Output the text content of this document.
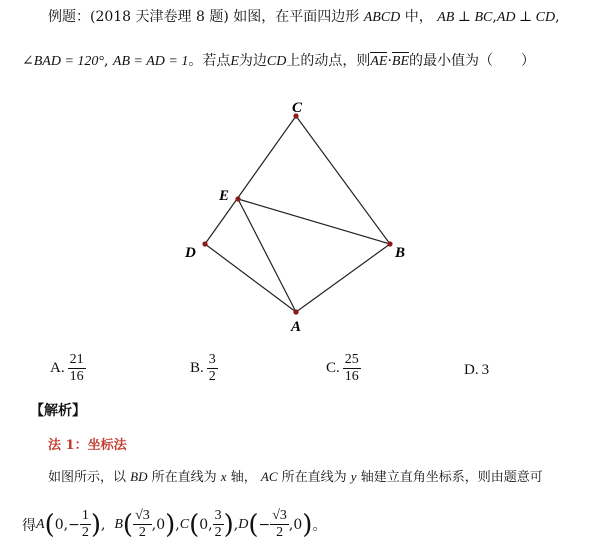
例题：(2018 天津卷理 8 题) 如图，在平面四边形 ABCD 中， AB ⊥ BC,AD ⊥ CD,
∠BAD = 120°, AB = AD = 1。若点E为边CD上的动点，则AE·BE的最小值为（　　）
C
E
D	B
A
A. $\frac{21}{16}$	B. $\frac{3}{2}$	C. $\frac{25}{16}$	D. 3
【解析】
法 1：坐标法
如图所示，以 BD 所在直线为 x 轴， AC 所在直线为 y 轴建立直角坐标系，则由题意可
得 A ( 0 , − $\frac{1}{2}$ ) ,
B ( $\frac{√3}{2}$ , 0 ) , C ( 0 , $\frac{3}{2}$ ) , D ( − $\frac{√3}{2}$ , 0 ) 。
